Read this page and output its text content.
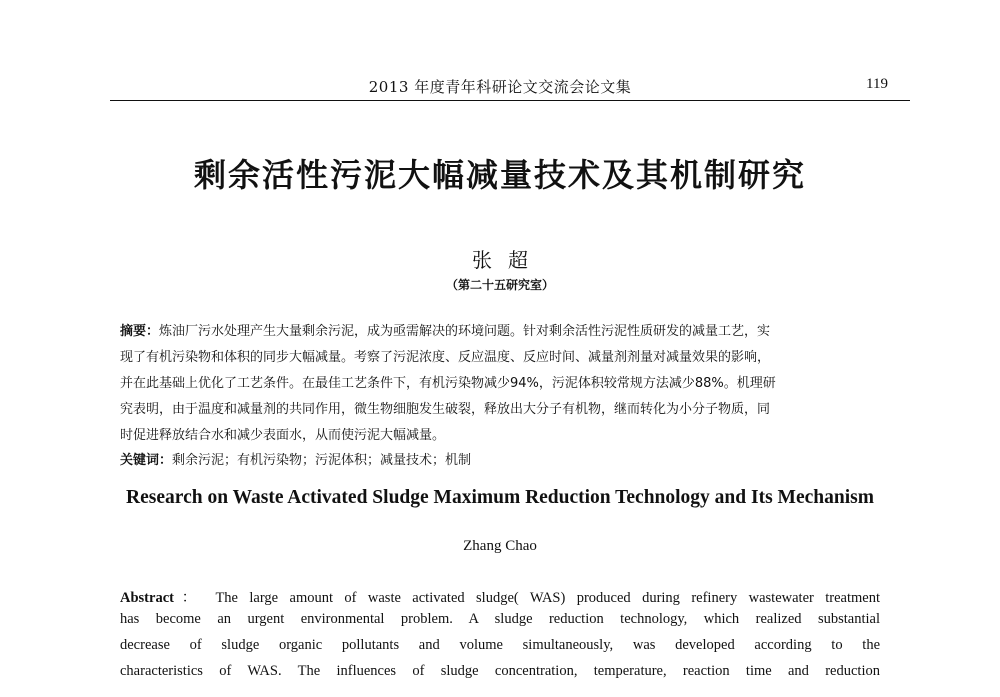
2013 年度青年科研论文交流会论文集	119
剩余活性污泥大幅减量技术及其机制研究
张超
（第二十五研究室）
摘要：炼油厂污水处理产生大量剩余污泥，成为亟需解决的环境问题。针对剩余活性污泥性质研发的减量工艺，实
现了有机污染物和体积的同步大幅减量。考察了污泥浓度、反应温度、反应时间、减量剂剂量对减量效果的影响，
并在此基础上优化了工艺条件。在最佳工艺条件下，有机污染物减少94%，污泥体积较常规方法减少88%。机理研
究表明，由于温度和减量剂的共同作用，微生物细胞发生破裂，释放出大分子有机物，继而转化为小分子物质，同
时促进释放结合水和减少表面水，从而使污泥大幅减量。
关键词：剩余污泥；有机污染物；污泥体积；减量技术；机制
Research on Waste Activated Sludge Maximum Reduction Technology and Its Mechanism
Zhang Chao
Abstract： The large amount of waste activated sludge( WAS) produced during refinery wastewater treatment
has become an urgent environmental problem. A sludge reduction technology, which realized substantial
decrease of sludge organic pollutants and volume simultaneously, was developed according to the
characteristics of WAS. The influences of sludge concentration, temperature, reaction time and reduction
